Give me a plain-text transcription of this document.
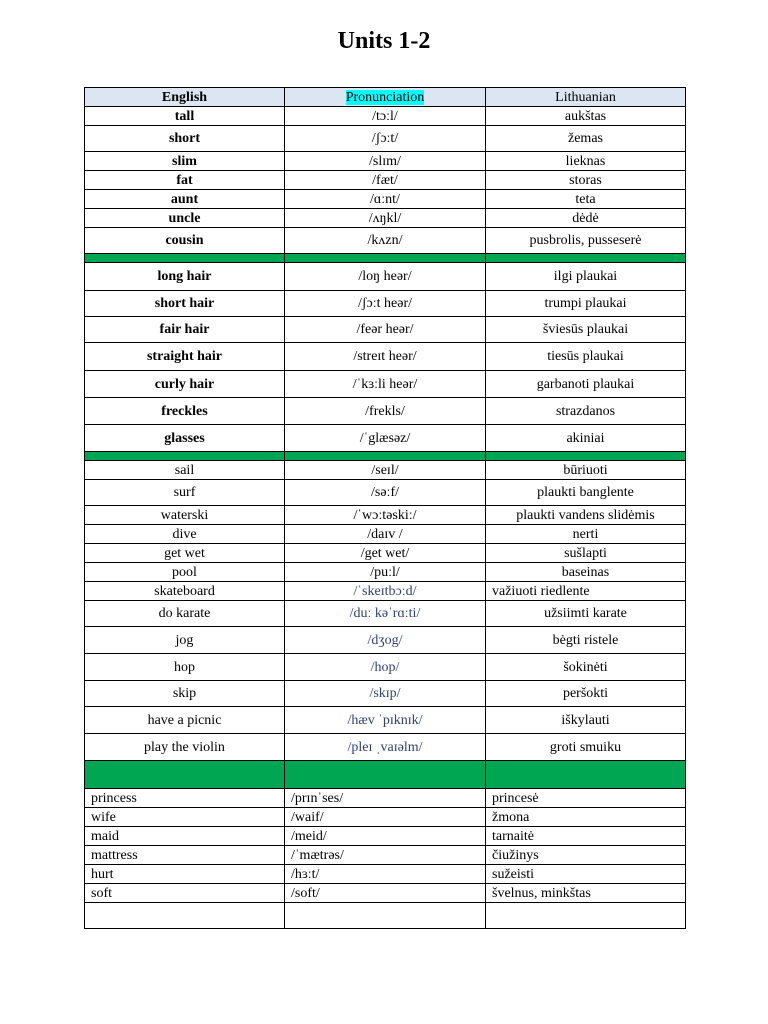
Units 1-2
English	Pronunciation	Lithuanian
tall	/tɔːl/	aukštas
short	/ʃɔːt/	žemas
slim	/slɪm/	lieknas
fat	/fæt/	storas
aunt	/ɑːnt/	teta
uncle	/ʌŋkl/	dėdė
cousin	/kʌzn/	pusbrolis, pusseserė

long hair	/loŋ heər/	ilgi plaukai
short hair	/ʃɔːt heər/	trumpi plaukai
fair hair	/feər heər/	šviesūs plaukai
straight hair	/streɪt heər/	tiesūs plaukai
curly hair	/ˈkɜːli heər/	garbanoti plaukai
freckles	/frekls/	strazdanos
glasses	/ˈglæsəz/	akiniai

sail	/seɪl/	būriuoti
surf	/səːf/	plaukti banglente
waterski	/ˈwɔːtəskiː/	plaukti vandens slidėmis
dive	/daɪv /	nerti
get wet	/get wet/	sušlapti
pool	/puːl/	baseinas
skateboard	/ˈskeɪtbɔːd/	važiuoti riedlente
do karate	/duː kəˈrɑːti/	užsiimti karate
jog	/dʒog/	bėgti ristele
hop	/hop/	šokinėti
skip	/skɪp/	peršokti
have a picnic	/hæv ˈpɪknɪk/	iškylauti
play the violin	/pleɪ ˌvaɪəlm/	groti smuiku

princess	/prɪnˈses/	princesė
wife	/waif/	žmona
maid	/meid/	tarnaitė
mattress	/ˈmætrəs/	čiužinys
hurt	/hɜːt/	sužeisti
soft	/soft/	švelnus, minkštas
